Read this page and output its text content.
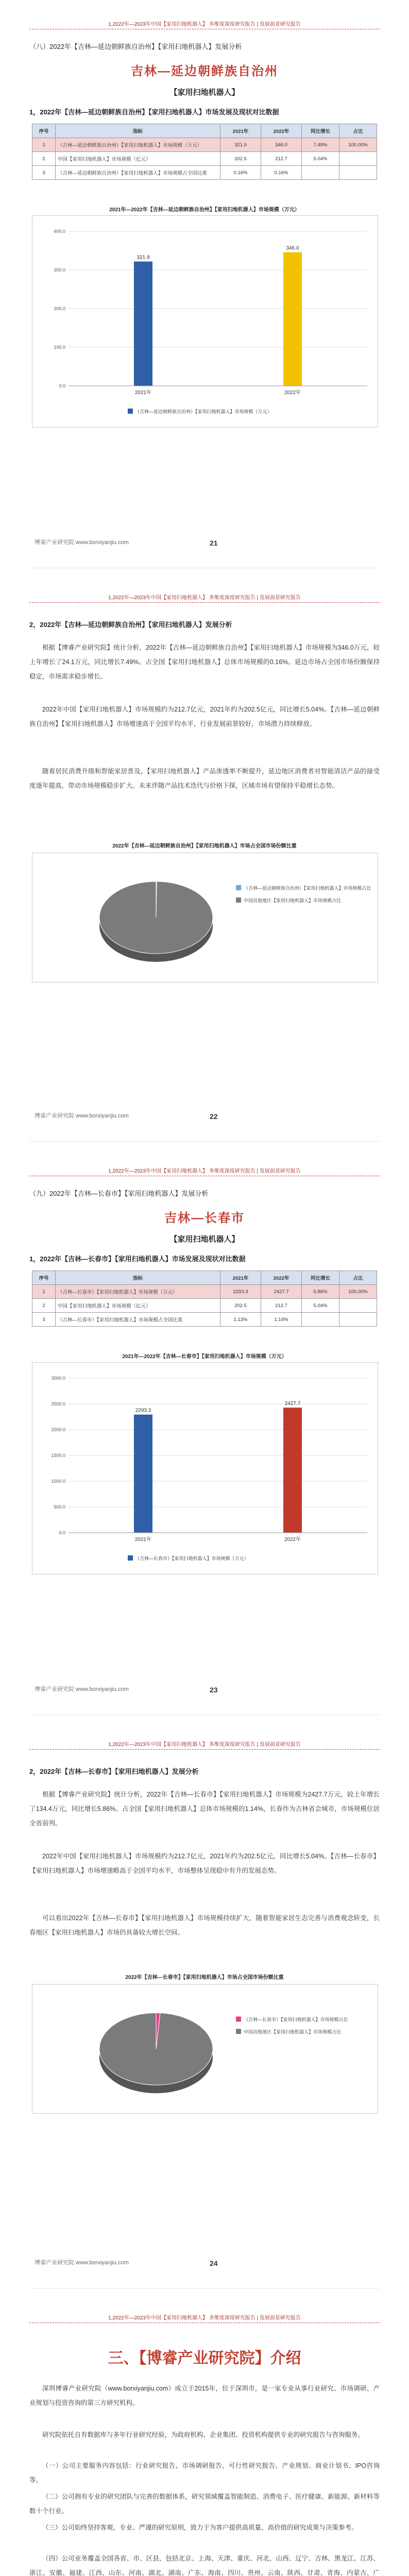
1,2022年—2023年中国【家用扫地机器人】 多维度深度研究报告 | 发展前景研究报告
（八）2022年【吉林—延边朝鲜族自治州】【家用扫地机器人】发展分析
吉林—延边朝鲜族自治州
【家用扫地机器人】
1，2022年【吉林—延边朝鲜族自治州】【家用扫地机器人】市场发展及现状对比数据
序号	指标	2021年	2022年	同比增长	占比
1	（吉林—延边朝鲜族自治州）【家用扫地机器人】市场规模（万元）	321.9	346.0	7.49%	100.00%
2	中国【家用扫地机器人】市场规模（亿元）	202.5	212.7	5.04%	
3	（吉林—延边朝鲜族自治州）【家用扫地机器人】市场规模占全国比重	0.16%	0.16%		
2021年—2022年【吉林—延边朝鲜族自治州】【家用扫地机器人】市场规模（万元）
0.0
100.0
200.0
300.0
400.0
321.9
2021年
346.0
2022年
（吉林—延边朝鲜族自治州）【家用扫地机器人】市场规模（万元）
博睿产业研究院 www.borxiyanjiu.com	21
1,2022年—2023年中国【家用扫地机器人】 多维度深度研究报告 | 发展前景研究报告
2，2022年【吉林—延边朝鲜族自治州】【家用扫地机器人】发展分析
根据【博睿产业研究院】统计分析，2022年【吉林—延边朝鲜族自治州】【家用扫地机器人】市场规模为346.0万元，较上年增长了24.1万元，同比增长7.49%。占全国【家用扫地机器人】总体市场规模的0.16%。延边市场占全国市场份额保持稳定，市场需求稳步增长。
2022年中国【家用扫地机器人】市场规模约为212.7亿元，2021年约为202.5亿元，同比增长5.04%。【吉林—延边朝鲜族自治州】【家用扫地机器人】市场增速高于全国平均水平，行业发展前景较好，市场潜力持续释放。
随着居民消费升级和智能家居普及，【家用扫地机器人】产品渗透率不断提升，延边地区消费者对智能清洁产品的接受度逐年提高，带动市场规模稳步扩大。未来伴随产品技术迭代与价格下探，区域市场有望保持平稳增长态势。
2022年【吉林—延边朝鲜族自治州】【家用扫地机器人】市场占全国市场份额比重
（吉林—延边朝鲜族自治州）【家用扫地机器人】市场规模占比
中国其他地区【家用扫地机器人】市场规模占比
博睿产业研究院 www.borxiyanjiu.com	22
1,2022年—2023年中国【家用扫地机器人】 多维度深度研究报告 | 发展前景研究报告
（九）2022年【吉林—长春市】【家用扫地机器人】发展分析
吉林—长春市
【家用扫地机器人】
1，2022年【吉林—长春市】【家用扫地机器人】市场发展及现状对比数据
序号	指标	2021年	2022年	同比增长	占比
1	（吉林—长春市）【家用扫地机器人】市场规模（万元）	2293.3	2427.7	5.86%	100.00%
2	中国【家用扫地机器人】市场规模（亿元）	202.5	212.7	5.04%	
3	（吉林—长春市）【家用扫地机器人】市场规模占全国比重	1.13%	1.14%		
2021年—2022年【吉林—长春市】【家用扫地机器人】市场规模（万元）
0.0
500.0
1000.0
1500.0
2000.0
2500.0
3000.0
2293.3
2021年
2427.7
2022年
（吉林—长春市）【家用扫地机器人】市场规模（万元）
博睿产业研究院 www.borxiyanjiu.com	23
1,2022年—2023年中国【家用扫地机器人】 多维度深度研究报告 | 发展前景研究报告
2，2022年【吉林—长春市】【家用扫地机器人】发展分析
根据【博睿产业研究院】统计分析，2022年【吉林—长春市】【家用扫地机器人】市场规模为2427.7万元，较上年增长了134.4万元，同比增长5.86%。占全国【家用扫地机器人】总体市场规模的1.14%，长春作为吉林省会城市，市场规模位居全省前列。
2022年中国【家用扫地机器人】市场规模约为212.7亿元，2021年约为202.5亿元，同比增长5.04%。【吉林—长春市】【家用扫地机器人】市场增速略高于全国平均水平，市场整体呈现稳中有升的发展态势。
可以看出2022年【吉林—长春市】【家用扫地机器人】市场规模持续扩大，随着智能家居生态完善与消费观念转变，长春地区【家用扫地机器人】市场仍具备较大增长空间。
2022年【吉林—长春市】【家用扫地机器人】市场占全国市场份额比重
（吉林—长春市）【家用扫地机器人】市场规模占比
中国其他地区【家用扫地机器人】市场规模占比
博睿产业研究院 www.borxiyanjiu.com	24
1,2022年—2023年中国【家用扫地机器人】 多维度深度研究报告 | 发展前景研究报告
三、【博睿产业研究院】介绍
深圳博睿产业研究院（www.borxiyanjiu.com）成立于2015年，位于深圳市，是一家专业从事行业研究、市场调研、产业规划与投资咨询的第三方研究机构。
研究院依托自有数据库与多年行业研究经验，为政府机构、企业集团、投资机构提供专业的研究报告与咨询服务。
（一）公司主要服务内容包括：行业研究报告、市场调研报告、可行性研究报告、产业规划、商业计划书、IPO咨询等。
（二）公司拥有专业的研究团队与完善的数据体系，研究领域覆盖智能制造、消费电子、医疗健康、新能源、新材料等数十个行业。
（三）公司始终坚持客观、专业、严谨的研究原则，致力于为客户提供高质量、高价值的研究成果与决策参考。
（四）公司业务覆盖全国各省、市、区县，包括北京、上海、天津、重庆、河北、山西、辽宁、吉林、黑龙江、江苏、浙江、安徽、福建、江西、山东、河南、湖北、湖南、广东、海南、四川、贵州、云南、陕西、甘肃、青海、内蒙古、广
